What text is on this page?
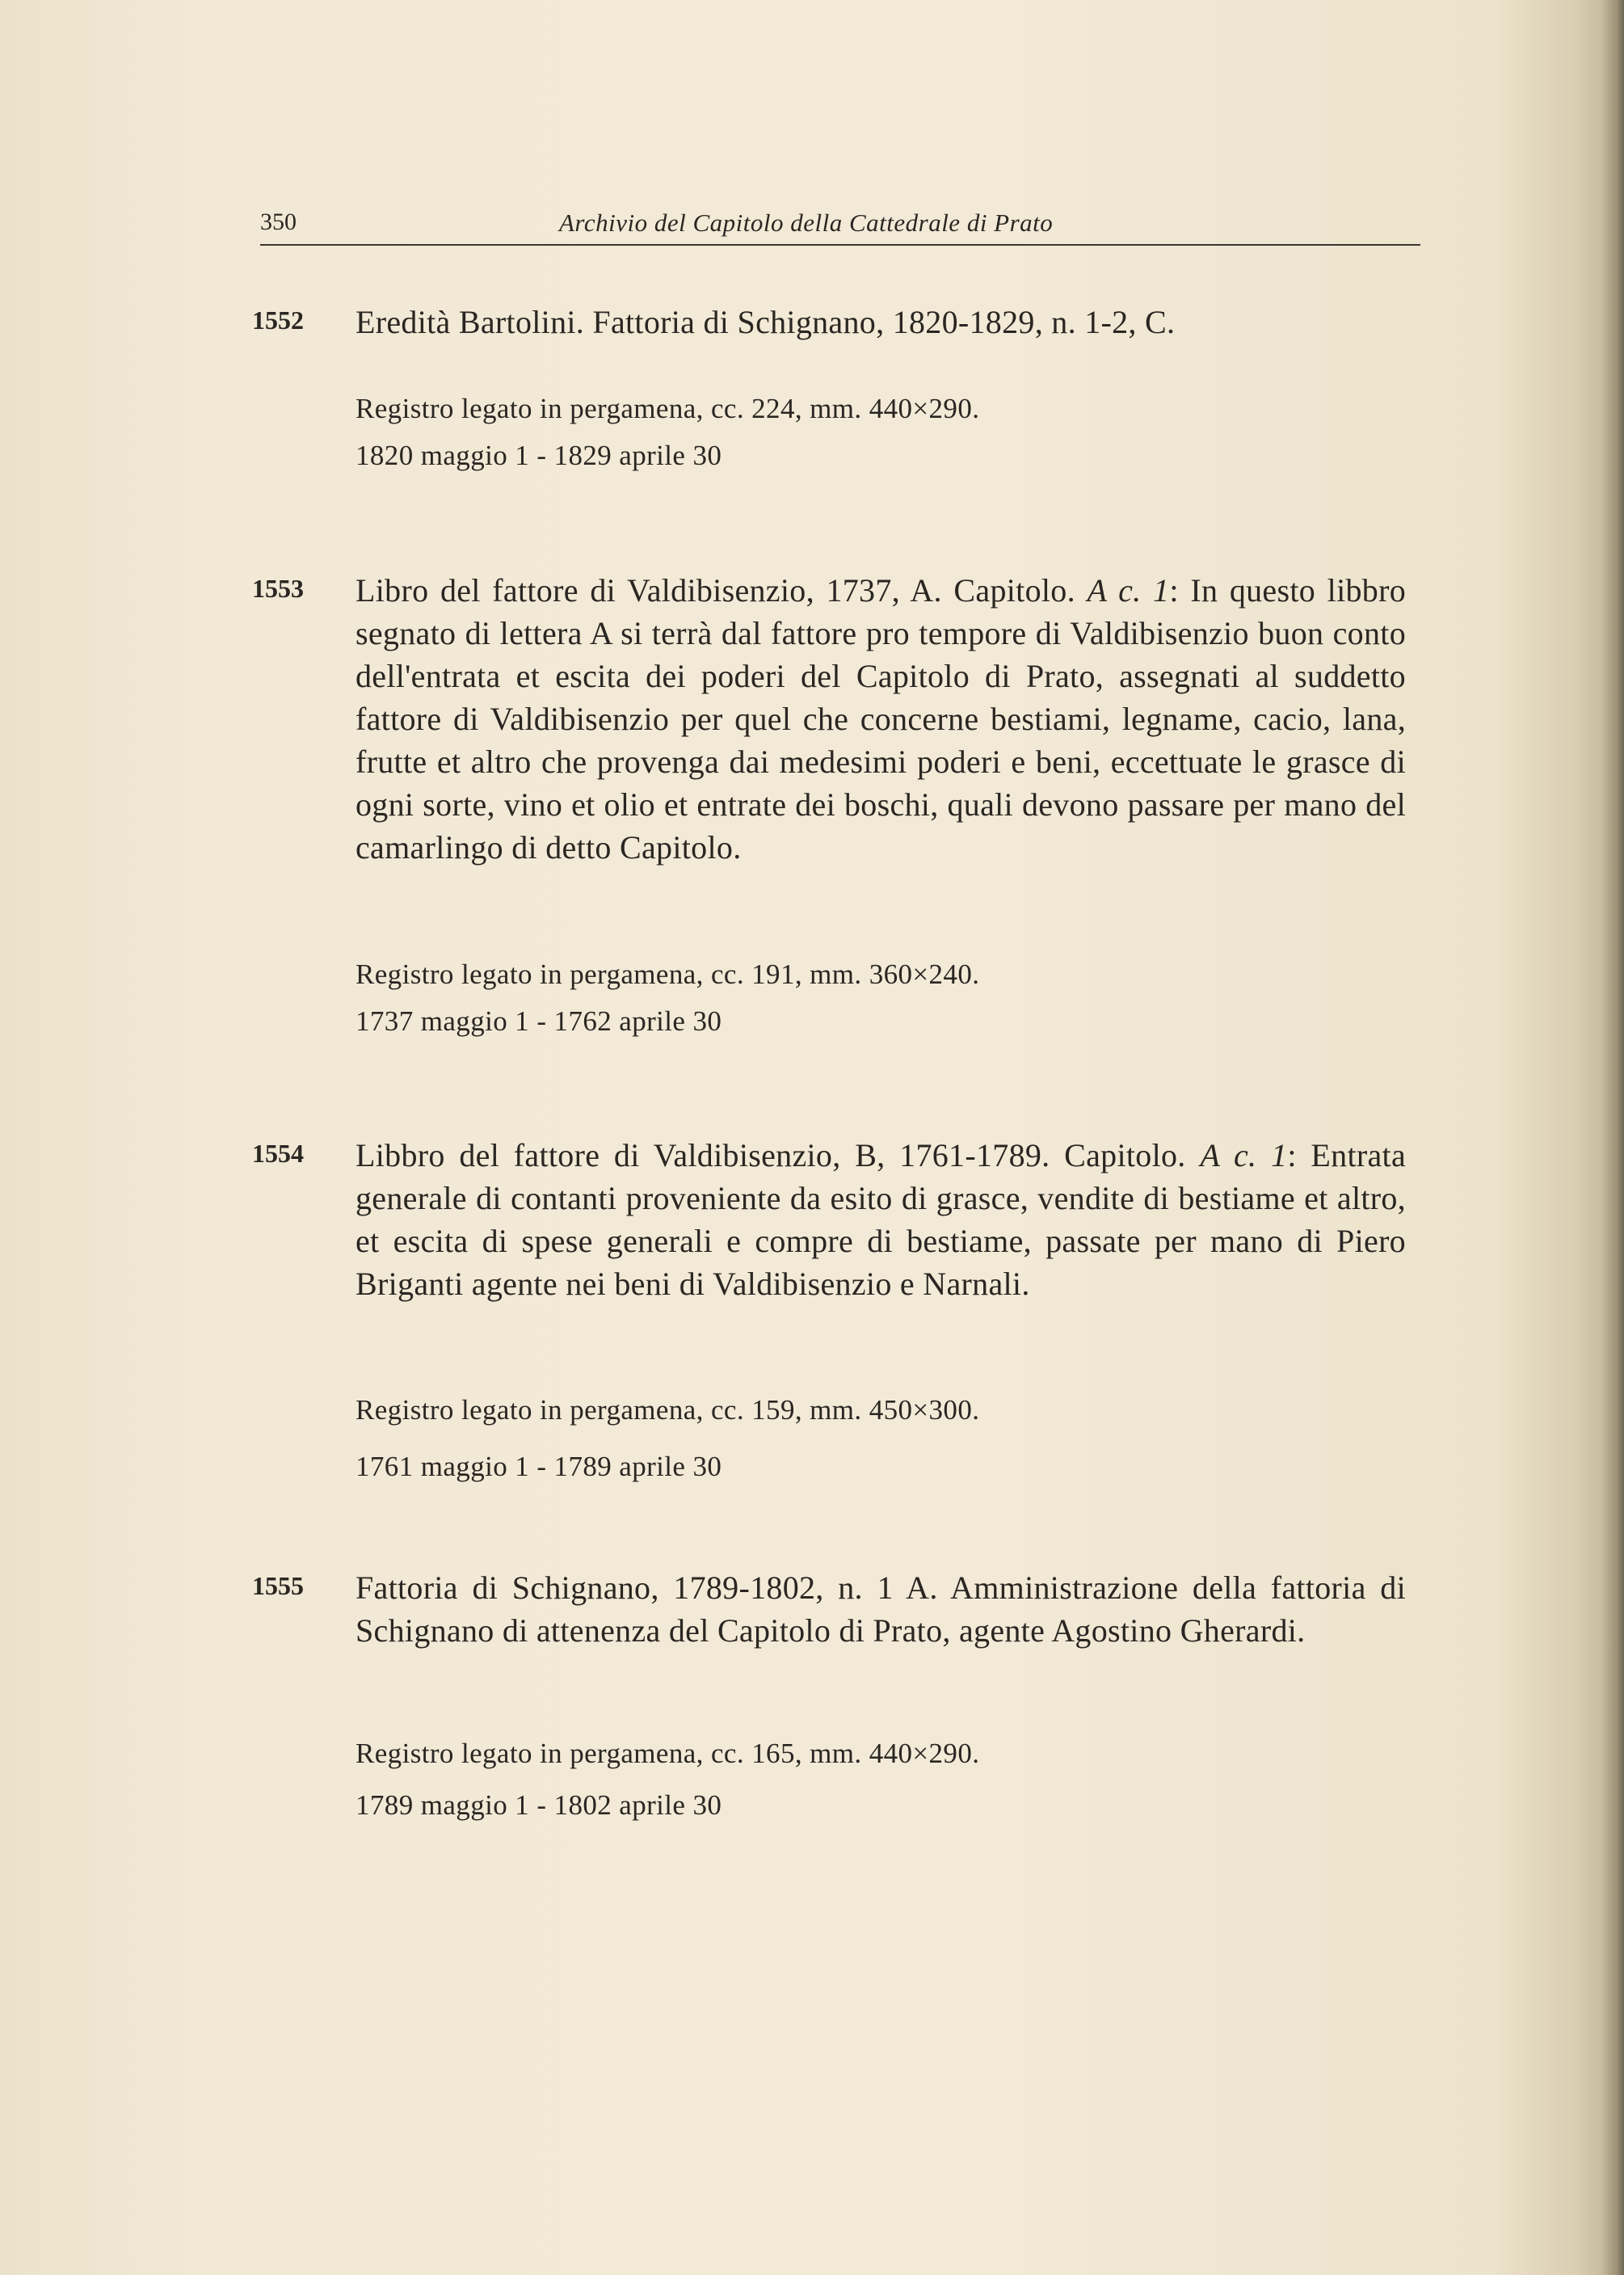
350	Archivio del Capitolo della Cattedrale di Prato
1552 Eredità Bartolini. Fattoria di Schignano, 1820-1829, n. 1-2, C.
Registro legato in pergamena, cc. 224, mm. 440×290.
1820 maggio 1 - 1829 aprile 30
1553 Libro del fattore di Valdibisenzio, 1737, A. Capitolo. A c. 1: In questo libbro segnato di lettera A si terrà dal fattore pro tempore di Valdibisenzio buon conto dell'entrata et escita dei poderi del Capitolo di Prato, assegnati al suddetto fattore di Valdibisenzio per quel che concerne bestiami, legname, cacio, lana, frutte et altro che provenga dai medesimi poderi e beni, eccettuate le grasce di ogni sorte, vino et olio et entrate dei boschi, quali devono passare per mano del camarlingo di detto Capitolo.
Registro legato in pergamena, cc. 191, mm. 360×240.
1737 maggio 1 - 1762 aprile 30
1554 Libbro del fattore di Valdibisenzio, B, 1761-1789. Capitolo. A c. 1: Entrata generale di contanti proveniente da esito di grasce, vendite di bestiame et altro, et escita di spese generali e compre di bestiame, passate per mano di Piero Briganti agente nei beni di Valdibisenzio e Narnali.
Registro legato in pergamena, cc. 159, mm. 450×300.
1761 maggio 1 - 1789 aprile 30
1555 Fattoria di Schignano, 1789-1802, n. 1 A. Amministrazione della fattoria di Schignano di attenenza del Capitolo di Prato, agente Agostino Gherardi.
Registro legato in pergamena, cc. 165, mm. 440×290.
1789 maggio 1 - 1802 aprile 30
